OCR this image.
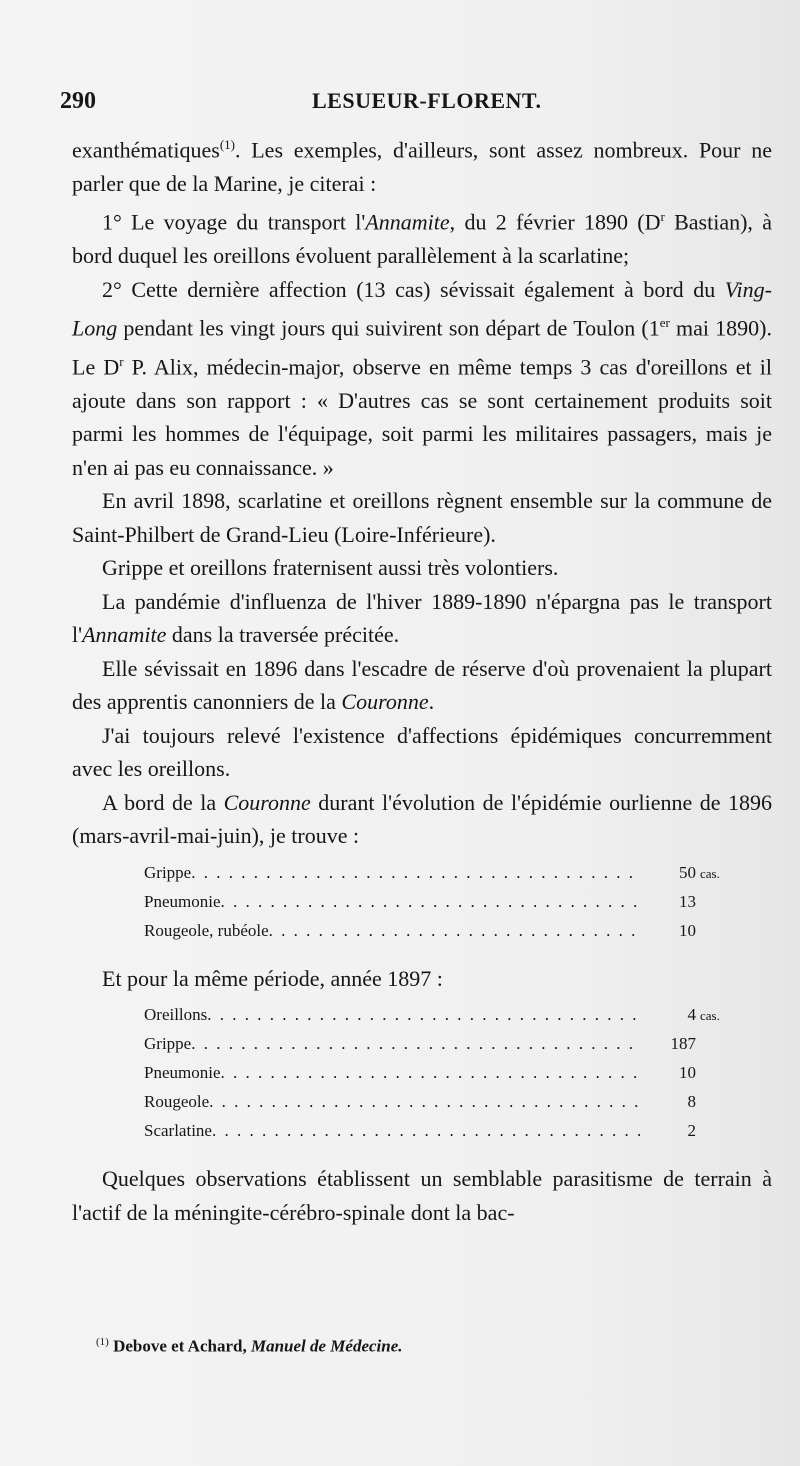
290	LESUEUR-FLORENT.

exanthématiques$^{(1)}$. Les exemples, d'ailleurs, sont assez nombreux. Pour ne parler que de la Marine, je citerai :

1° Le voyage du transport l'Annamite, du 2 février 1890 ($D^r$ Bastian), à bord duquel les oreillons évoluent parallèlement à la scarlatine;

2° Cette dernière affection (13 cas) sévissait également à bord du Ving-Long pendant les vingt jours qui suivirent son départ de Toulon (1er mai 1890). Le $D^r$ P. Alix, médecin-major, observe en même temps 3 cas d'oreillons et il ajoute dans son rapport : « D'autres cas se sont certainement produits soit parmi les hommes de l'équipage, soit parmi les militaires passagers, mais je n'en ai pas eu connaissance. »

En avril 1898, scarlatine et oreillons règnent ensemble sur la commune de Saint-Philbert de Grand-Lieu (Loire-Inférieure).

Grippe et oreillons fraternisent aussi très volontiers.

La pandémie d'influenza de l'hiver 1889-1890 n'épargna pas le transport l'Annamite dans la traversée précitée.

Elle sévissait en 1896 dans l'escadre de réserve d'où provenaient la plupart des apprentis canonniers de la Couronne.

J'ai toujours relevé l'existence d'affections épidémiques concurremment avec les oreillons.

A bord de la Couronne durant l'évolution de l'épidémie ourlienne de 1896 (mars-avril-mai-juin), je trouve :

Grippe . . .	50 cas.
Pneumonie . . .	13
Rougeole, rubéole . . .	10

Et pour la même période, année 1897 :

Oreillons . . .	4 cas.
Grippe . . .	187
Pneumonie . . .	10
Rougeole . . .	8
Scarlatine . . .	2

Quelques observations établissent un semblable parasitisme de terrain à l'actif de la méningite-cérébro-spinale dont la bac-

$^{(1)}$ Debove et Achard, Manuel de Médecine.
